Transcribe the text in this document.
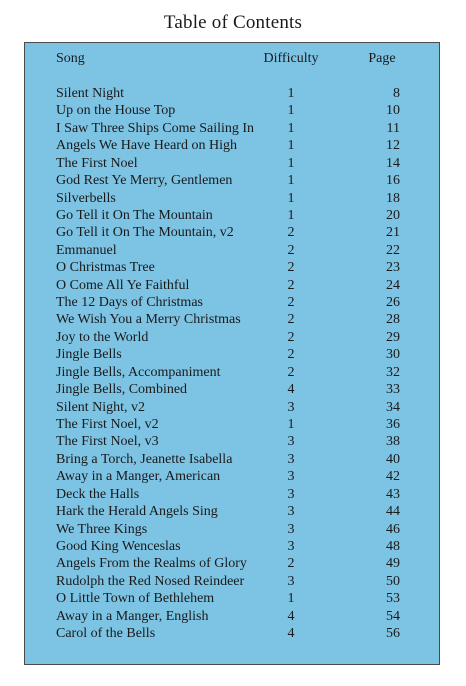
Table of Contents
Song	Difficulty	Page
Silent Night	1	8
Up on the House Top	1	10
I Saw Three Ships Come Sailing In	1	11
Angels We Have Heard on High	1	12
The First Noel	1	14
God Rest Ye Merry, Gentlemen	1	16
Silverbells	1	18
Go Tell it On The Mountain	1	20
Go Tell it On The Mountain, v2	2	21
Emmanuel	2	22
O Christmas Tree	2	23
O Come All Ye Faithful	2	24
The 12 Days of Christmas	2	26
We Wish You a Merry Christmas	2	28
Joy to the World	2	29
Jingle Bells	2	30
Jingle Bells, Accompaniment	2	32
Jingle Bells, Combined	4	33
Silent Night, v2	3	34
The First Noel, v2	1	36
The First Noel, v3	3	38
Bring a Torch, Jeanette Isabella	3	40
Away in a Manger, American	3	42
Deck the Halls	3	43
Hark the Herald Angels Sing	3	44
We Three Kings	3	46
Good King Wenceslas	3	48
Angels From the Realms of Glory	2	49
Rudolph the Red Nosed Reindeer	3	50
O Little Town of Bethlehem	1	53
Away in a Manger, English	4	54
Carol of the Bells	4	56
